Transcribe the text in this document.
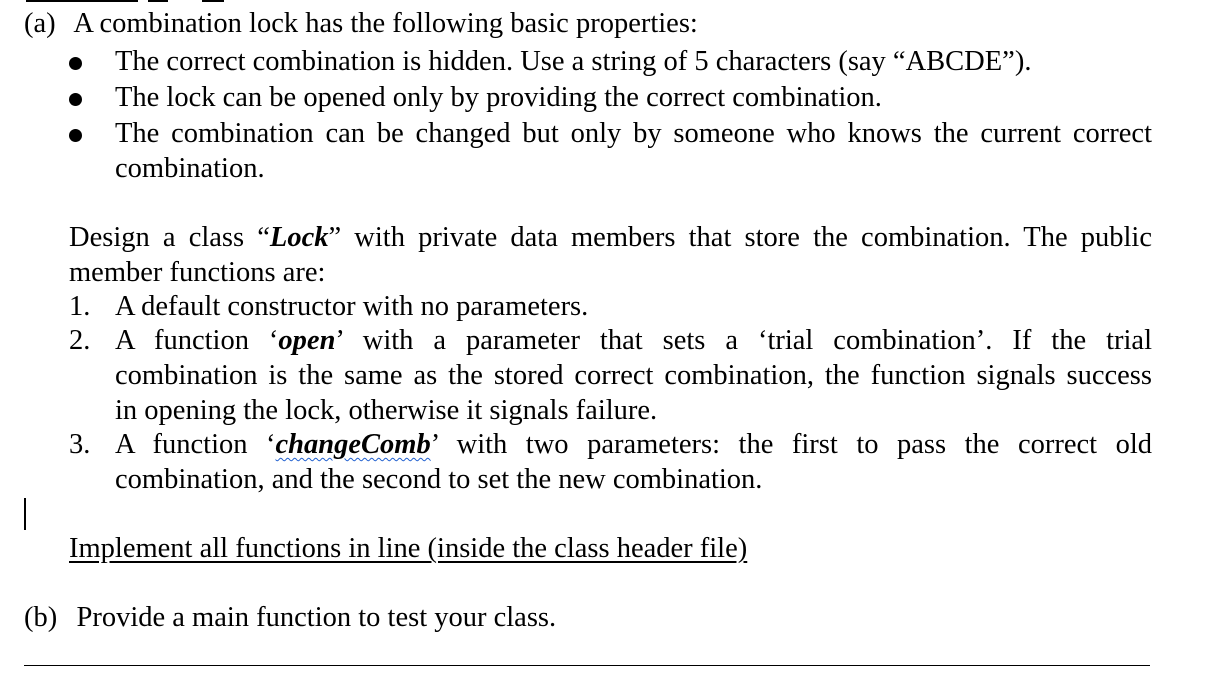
(a) A combination lock has the following basic properties:
The correct combination is hidden. Use a string of 5 characters (say “ABCDE”).
The lock can be opened only by providing the correct combination.
The combination can be changed but only by someone who knows the current correct
combination.
Design a class “Lock” with private data members that store the combination. The public
member functions are:
1. A default constructor with no parameters.
2. A function ‘open’ with a parameter that sets a ‘trial combination’. If the trial
combination is the same as the stored correct combination, the function signals success
in opening the lock, otherwise it signals failure.
3. A function ‘changeComb’ with two parameters: the first to pass the correct old
combination, and the second to set the new combination.
Implement all functions in line (inside the class header file)
(b) Provide a main function to test your class.
